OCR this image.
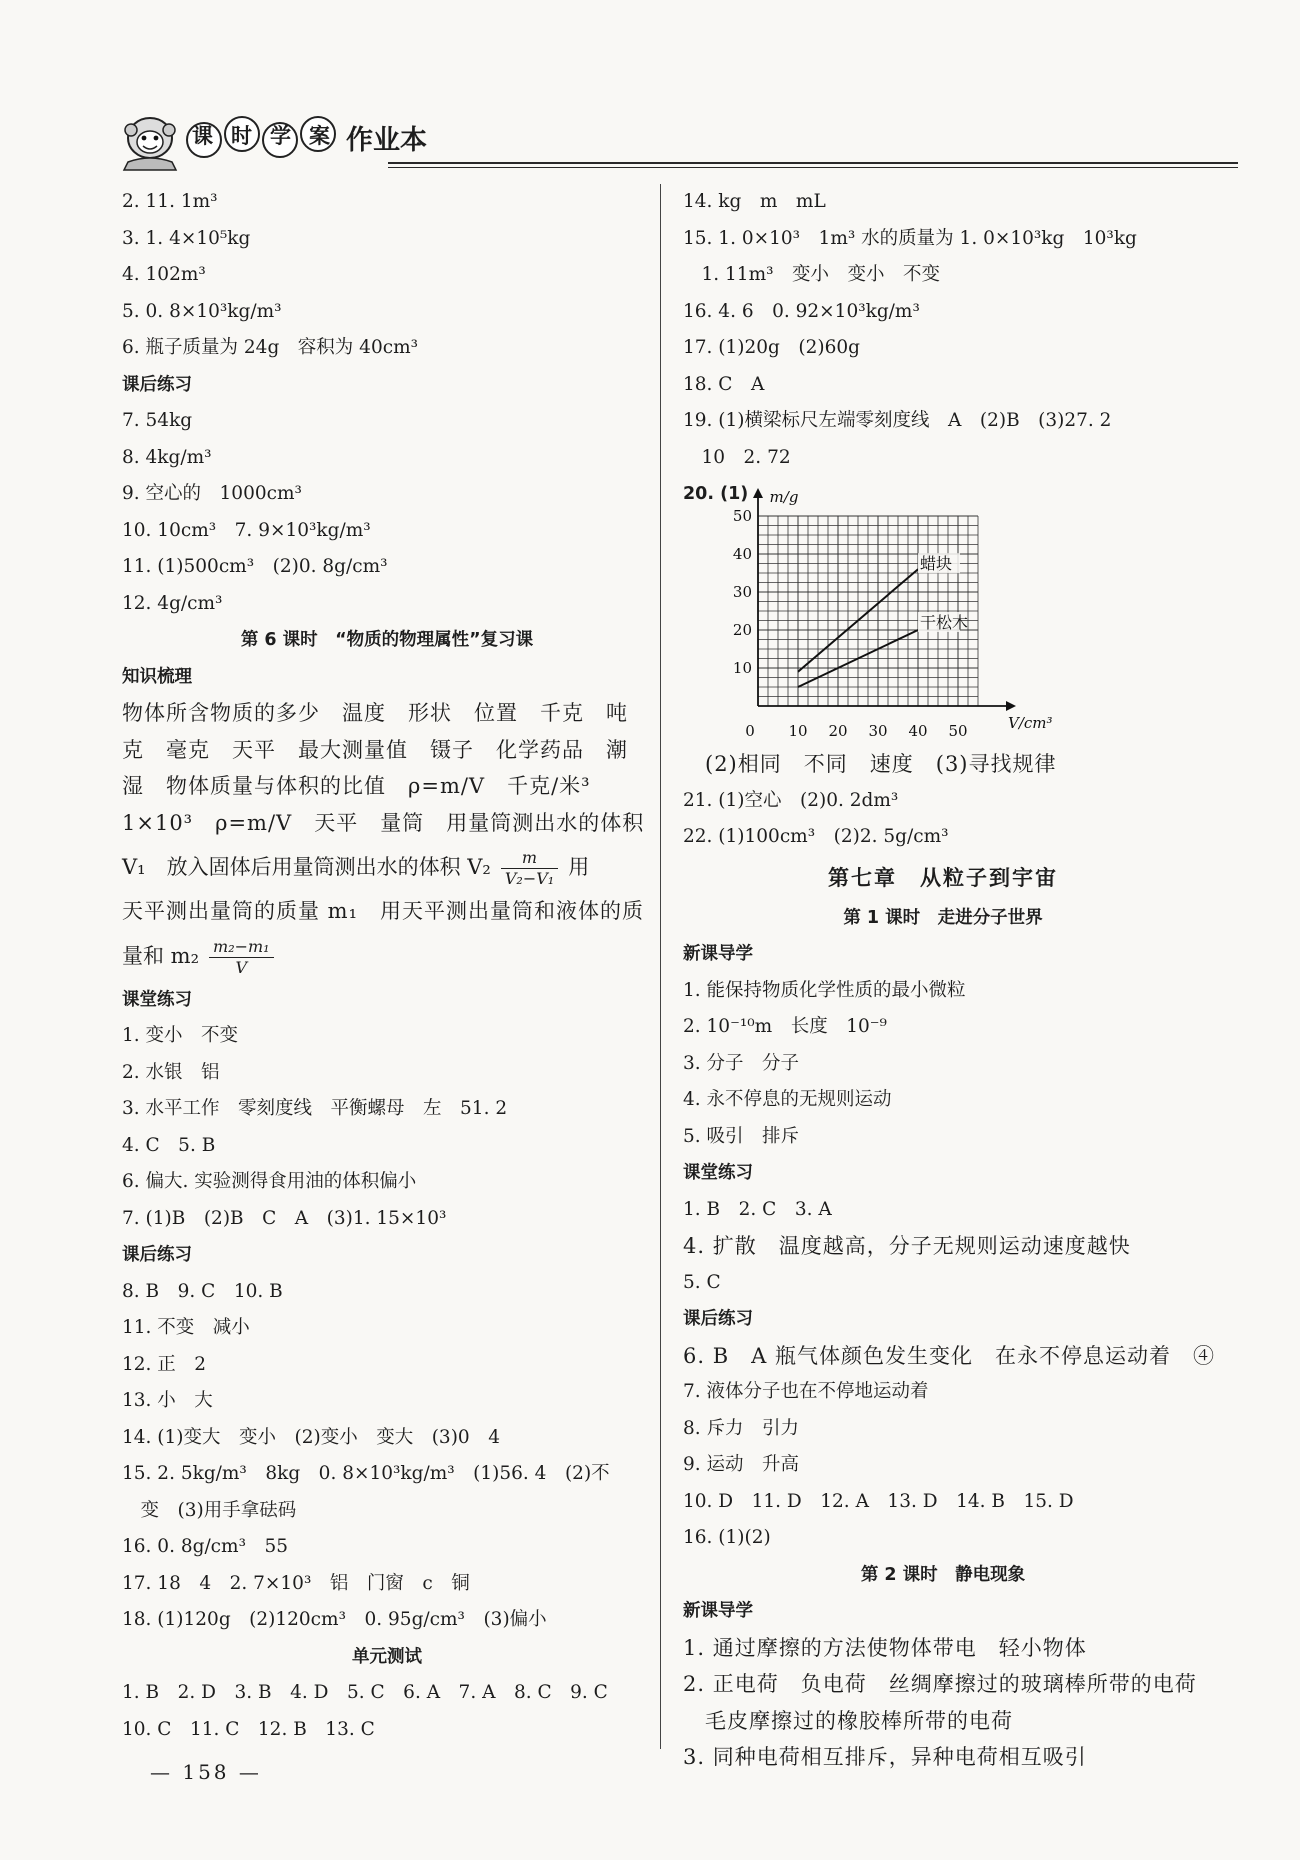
课时学案
作业本
2. 11. 1m³
3. 1. 4×10⁵kg
4. 102m³
5. 0. 8×10³kg/m³
6. 瓶子质量为 24g　容积为 40cm³
课后练习
7. 54kg
8. 4kg/m³
9. 空心的　1000cm³
10. 10cm³　7. 9×10³kg/m³
11. (1)500cm³　(2)0. 8g/cm³
12. 4g/cm³
第 6 课时　“物质的物理属性”复习课
知识梳理
物体所含物质的多少　温度　形状　位置　千克　吨
克　毫克　天平　最大测量值　镊子　化学药品　潮
湿　物体质量与体积的比值　ρ=m/V　千克/米³
1×10³　ρ=m/V　天平　量筒　用量筒测出水的体积
V₁　放入固体后用量筒测出水的体积 $V_2 \frac{m}{\text{V₂−V₁}}$ 用
天平测出量筒的质量 m₁　用天平测出量筒和液体的质
量和 $m_2 \frac{\text{m₂−m₁}}{V}$
课堂练习
1. 变小　不变
2. 水银　铝
3. 水平工作　零刻度线　平衡螺母　左　51. 2
4. C　5. B
6. 偏大. 实验测得食用油的体积偏小
7. (1)B　(2)B　C　A　(3)1. 15×10³
课后练习
8. B　9. C　10. B
11. 不变　减小
12. 正　2
13. 小　大
14. (1)变大　变小　(2)变小　变大　(3)0　4
15. 2. 5kg/m³　8kg　0. 8×10³kg/m³　(1)56. 4　(2)不
　变　(3)用手拿砝码
16. 0. 8g/cm³　55
17. 18　4　2. 7×10³　铝　门窗　c　铜
18. (1)120g　(2)120cm³　0. 95g/cm³　(3)偏小
单元测试
1. B　2. D　3. B　4. D　5. C　6. A　7. A　8. C　9. C
10. C　11. C　12. B　13. C
14. kg　m　mL
15. 1. 0×10³　1m³ 水的质量为 1. 0×10³kg　10³kg
　1. 11m³　变小　变小　不变
16. 4. 6　0. 92×10³kg/m³
17. (1)20g　(2)60g
18. C　A
19. (1)横梁标尺左端零刻度线　A　(2)B　(3)27. 2
　10　2. 72
20. (1) m/g
V/cm³
0 10 20 30 40 50
10
20
30
40
50
蜡块
干松木
　(2)相同　不同　速度　(3)寻找规律
21. (1)空心　(2)0. 2dm³
22. (1)100cm³　(2)2. 5g/cm³
第七章　从粒子到宇宙
第 1 课时　走进分子世界
新课导学
1. 能保持物质化学性质的最小微粒
2. 10⁻¹⁰m　长度　10⁻⁹
3. 分子　分子
4. 永不停息的无规则运动
5. 吸引　排斥
课堂练习
1. B　2. C　3. A
4. 扩散　温度越高，分子无规则运动速度越快
5. C
课后练习
6. B　A 瓶气体颜色发生变化　在永不停息运动着　④
7. 液体分子也在不停地运动着
8. 斥力　引力
9. 运动　升高
10. D　11. D　12. A　13. D　14. B　15. D
16. (1)(2)
第 2 课时　静电现象
新课导学
1. 通过摩擦的方法使物体带电　轻小物体
2. 正电荷　负电荷　丝绸摩擦过的玻璃棒所带的电荷
　毛皮摩擦过的橡胶棒所带的电荷
3. 同种电荷相互排斥，异种电荷相互吸引
— 158 —
